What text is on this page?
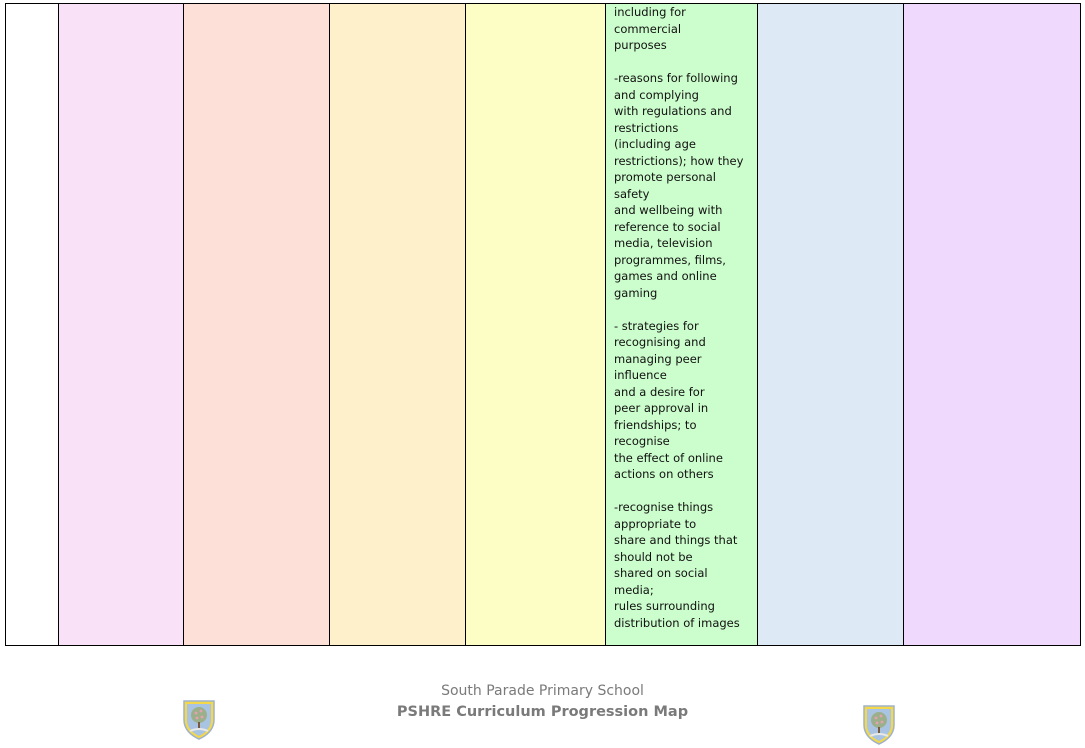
including for commercial
purposes

-reasons for following
and complying
with regulations and
restrictions
(including age
restrictions); how they
promote personal safety
and wellbeing with
reference to social
media, television
programmes, films,
games and online
gaming

- strategies for
recognising and
managing peer influence
and a desire for
peer approval in
friendships; to recognise
the effect of online
actions on others

-recognise things
appropriate to
share and things that
should not be
shared on social media;
rules surrounding
distribution of images
South Parade Primary School
PSHRE Curriculum Progression Map
